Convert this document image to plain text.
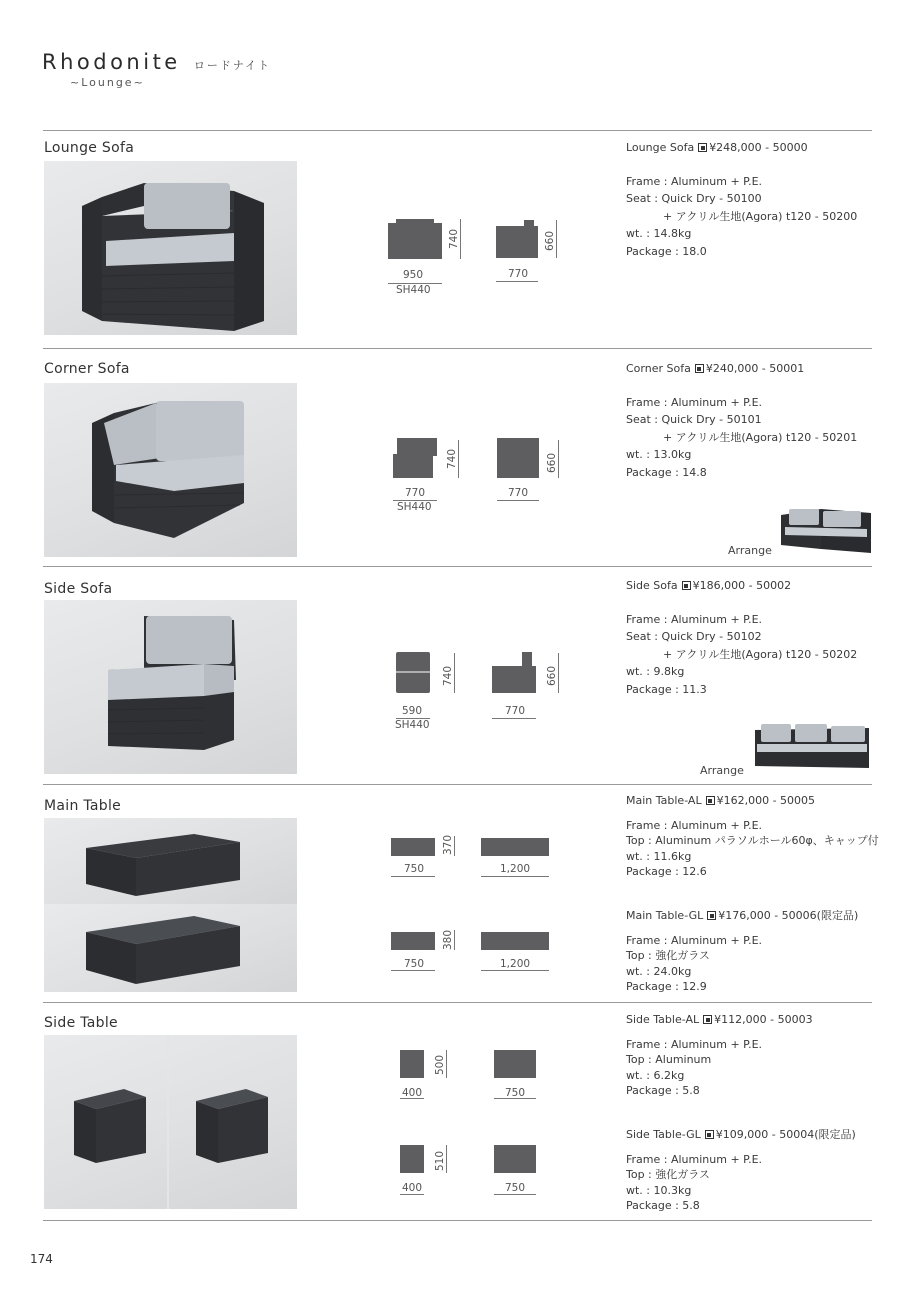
Rhodonite ロードナイト
~Lounge~
Lounge Sofa
740
950
SH440
660
770
Lounge Sofa ¥248,000 - 50000
Frame : Aluminum + P.E.
Seat : Quick Dry - 50100
+ アクリル生地(Agora) t120 - 50200
wt. : 14.8kg
Package : 18.0
Corner Sofa
740
770
SH440
660
770
Corner Sofa ¥240,000 - 50001
Frame : Aluminum + P.E.
Seat : Quick Dry - 50101
+ アクリル生地(Agora) t120 - 50201
wt. : 13.0kg
Package : 14.8
Arrange
Side Sofa
740
590
SH440
660
770
Side Sofa ¥186,000 - 50002
Frame : Aluminum + P.E.
Seat : Quick Dry - 50102
+ アクリル生地(Agora) t120 - 50202
wt. : 9.8kg
Package : 11.3
Arrange
Main Table
370
750	1,200
380
750	1,200
Main Table-AL ¥162,000 - 50005
Frame : Aluminum + P.E.
Top : Aluminum パラソルホール60φ、キャップ付
wt. : 11.6kg
Package : 12.6
Main Table-GL ¥176,000 - 50006(限定品)
Frame : Aluminum + P.E.
Top : 強化ガラス
wt. : 24.0kg
Package : 12.9
Side Table
500
400	750
510
400	750
Side Table-AL ¥112,000 - 50003
Frame : Aluminum + P.E.
Top : Aluminum
wt. : 6.2kg
Package : 5.8
Side Table-GL ¥109,000 - 50004(限定品)
Frame : Aluminum + P.E.
Top : 強化ガラス
wt. : 10.3kg
Package : 5.8
174
